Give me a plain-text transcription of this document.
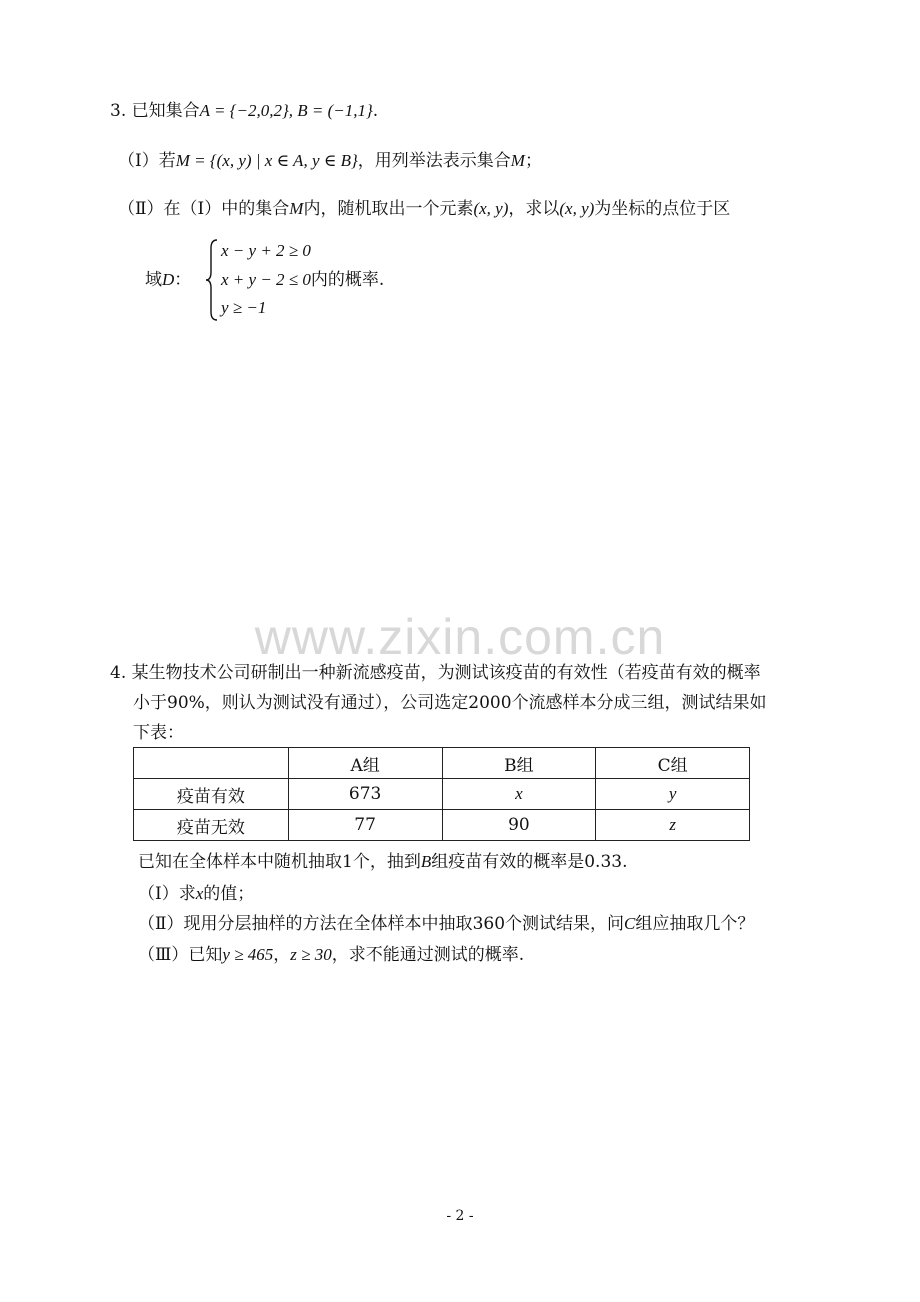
3. 已知集合A = {−2,0,2}, B = (−1,1}.
（Ⅰ）若M = {(x, y) | x ∈ A, y ∈ B}，用列举法表示集合M；
（Ⅱ）在（Ⅰ）中的集合M内，随机取出一个元素(x, y)，求以(x, y)为坐标的点位于区
域D：
x − y + 2 ≥ 0
x + y − 2 ≤ 0内的概率.
y ≥ −1
www.zixin.com.cn
4. 某生物技术公司研制出一种新流感疫苗，为测试该疫苗的有效性（若疫苗有效的概率
小于90%，则认为测试没有通过），公司选定2000个流感样本分成三组，测试结果如
下表：
	A组	B组	C组
疫苗有效	673	x	y
疫苗无效	77	90	z
已知在全体样本中随机抽取1个，抽到B组疫苗有效的概率是0.33.
（Ⅰ）求x的值；
（Ⅱ）现用分层抽样的方法在全体样本中抽取360个测试结果，问C组应抽取几个？
（Ⅲ）已知y ≥ 465，z ≥ 30，求不能通过测试的概率.
- 2 -
